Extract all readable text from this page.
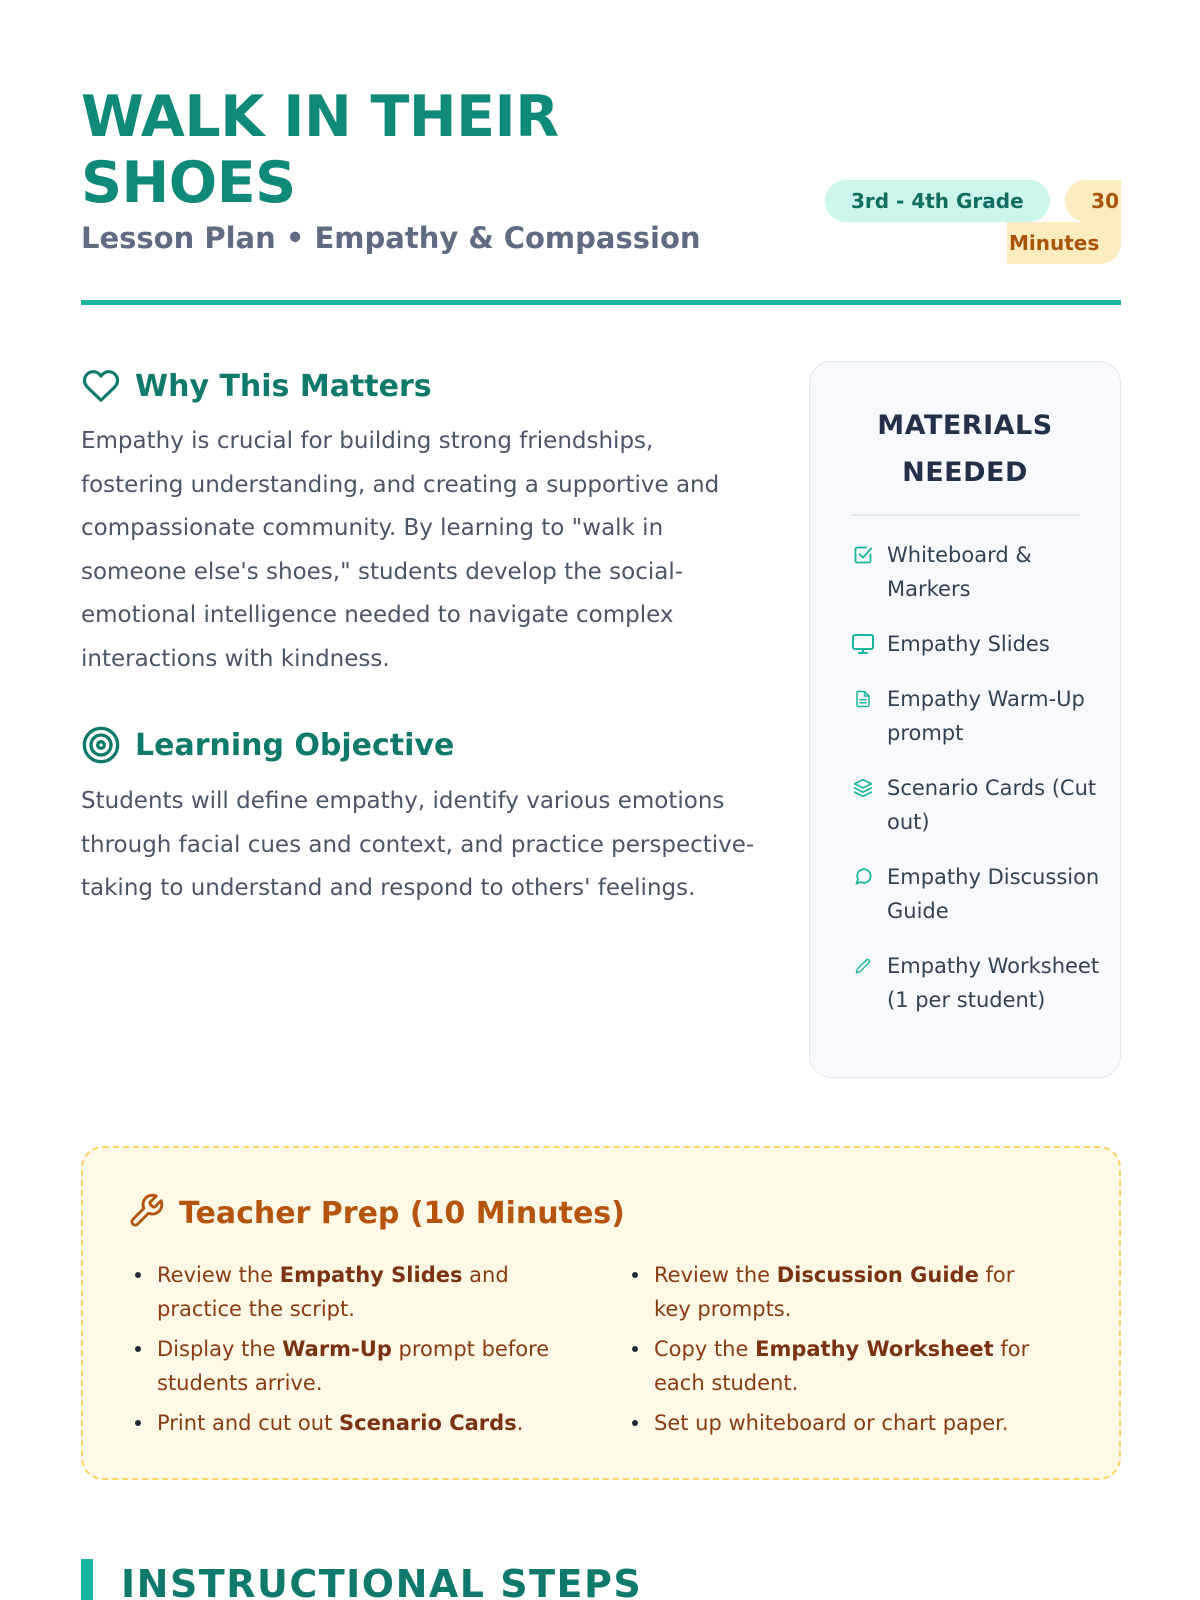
WALK IN THEIR SHOES
Lesson Plan • Empathy & Compassion
3rd - 4th Grade	30
Minutes
Why This Matters

Empathy is crucial for building strong friendships, fostering understanding, and creating a supportive and compassionate community. By learning to "walk in someone else's shoes," students develop the social-emotional intelligence needed to navigate complex interactions with kindness.

Learning Objective

Students will define empathy, identify various emotions through facial cues and context, and practice perspective-taking to understand and respond to others' feelings.

MATERIALS NEEDED
Whiteboard & Markers
Empathy Slides
Empathy Warm-Up prompt
Scenario Cards (Cut out)
Empathy Discussion Guide
Empathy Worksheet (1 per student)
Teacher Prep (10 Minutes)
Review the Empathy Slides and practice the script.
Display the Warm-Up prompt before students arrive.
Print and cut out Scenario Cards.
Review the Discussion Guide for key prompts.
Copy the Empathy Worksheet for each student.
Set up whiteboard or chart paper.
INSTRUCTIONAL STEPS
